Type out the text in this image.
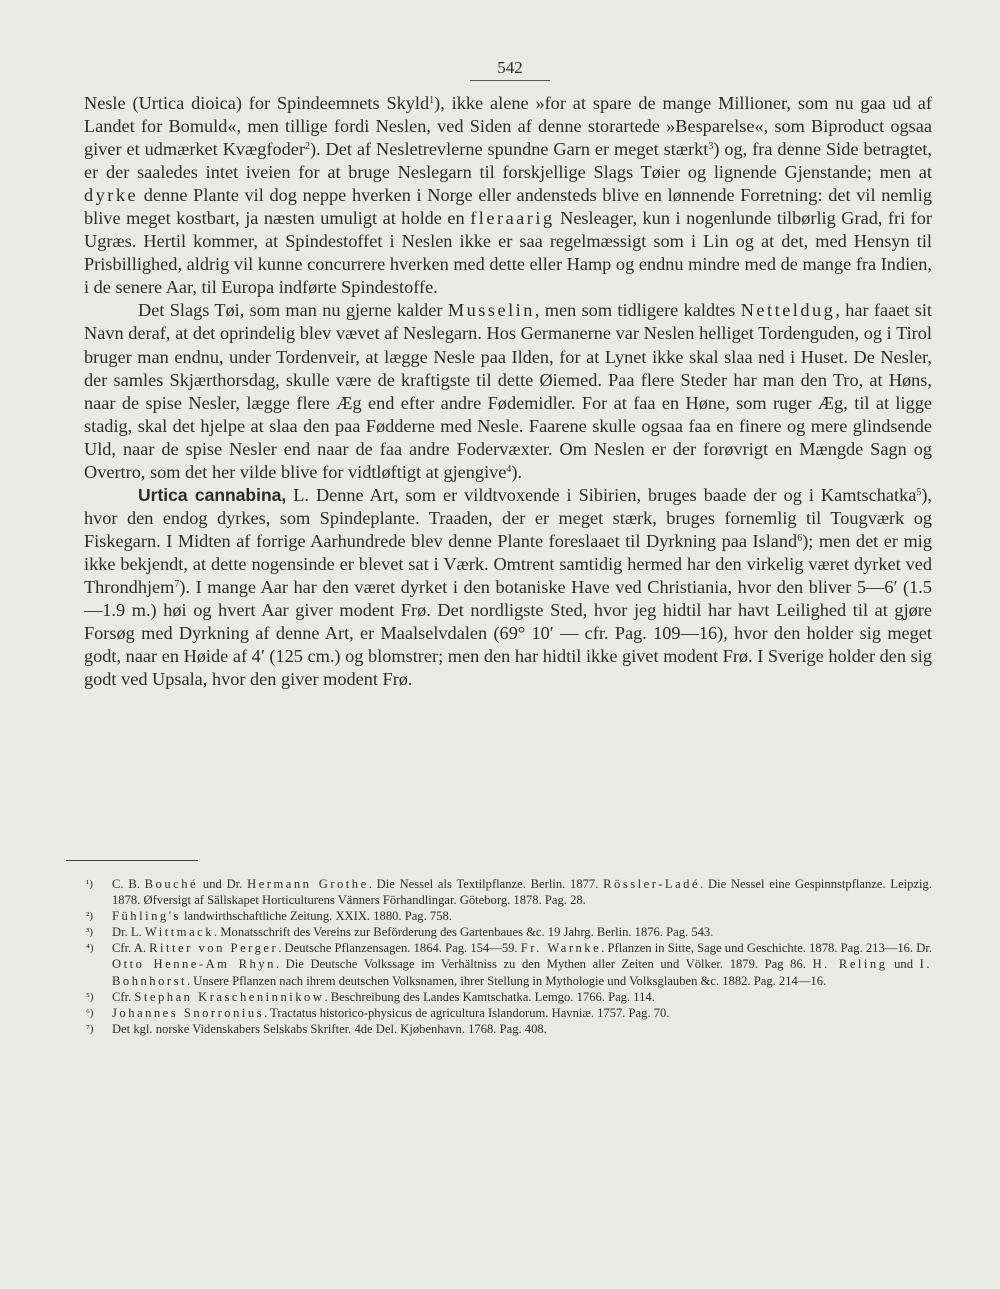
542

Nesle (Urtica dioica) for Spindeemnets Skyld$^1$), ikke alene »for at spare de mange Millioner, som nu gaa ud af Landet for Bomuld«, men tillige fordi Neslen, ved Siden af denne storartede »Besparelse«, som Biproduct ogsaa giver et udmærket Kvægfoder$^2$). Det af Nesletrevlerne spundne Garn er meget stærkt$^3$) og, fra denne Side betragtet, er der saaledes intet iveien for at bruge Neslegarn til forskjellige Slags Tøier og lignende Gjenstande; men at dyrke denne Plante vil dog neppe hverken i Norge eller andensteds blive en lønnende Forretning: det vil nemlig blive meget kostbart, ja næsten umuligt at holde en fleraarig Nesleager, kun i nogenlunde tilbørlig Grad, fri for Ugræs. Hertil kommer, at Spindestoffet i Neslen ikke er saa regelmæssigt som i Lin og at det, med Hensyn til Prisbillighed, aldrig vil kunne concurrere hverken med dette eller Hamp og endnu mindre med de mange fra Indien, i de senere Aar, til Europa indførte Spindestoffe.

Det Slags Tøi, som man nu gjerne kalder Musselin, men som tidligere kaldtes Netteldug, har faaet sit Navn deraf, at det oprindelig blev vævet af Neslegarn. Hos Germanerne var Neslen helliget Tordenguden, og i Tirol bruger man endnu, under Tordenveir, at lægge Nesle paa Ilden, for at Lynet ikke skal slaa ned i Huset. De Nesler, der samles Skjærthorsdag, skulle være de kraftigste til dette Øiemed. Paa flere Steder har man den Tro, at Høns, naar de spise Nesler, lægge flere Æg end efter andre Fødemidler. For at faa en Høne, som ruger Æg, til at ligge stadig, skal det hjelpe at slaa den paa Fødderne med Nesle. Faarene skulle ogsaa faa en finere og mere glindsende Uld, naar de spise Nesler end naar de faa andre Fodervæxter. Om Neslen er der forøvrigt en Mængde Sagn og Overtro, som det her vilde blive for vidtløftigt at gjengive$^4$).

Urtica cannabina, L. Denne Art, som er vildtvoxende i Sibirien, bruges baade der og i Kamtschatka$^5$), hvor den endog dyrkes, som Spindeplante. Traaden, der er meget stærk, bruges fornemlig til Tougværk og Fiskegarn. I Midten af forrige Aarhundrede blev denne Plante foreslaaet til Dyrkning paa Island$^6$); men det er mig ikke bekjendt, at dette nogensinde er blevet sat i Værk. Omtrent samtidig hermed har den virkelig været dyrket ved Throndhjem$^7$). I mange Aar har den været dyrket i den botaniske Have ved Christiania, hvor den bliver 5—6′ (1.5—1.9 m.) høi og hvert Aar giver modent Frø. Det nordligste Sted, hvor jeg hidtil har havt Leilighed til at gjøre Forsøg med Dyrkning af denne Art, er Maalselvdalen (69° 10′ — cfr. Pag. 109—16), hvor den holder sig meget godt, naar en Høide af 4′ (125 cm.) og blomstrer; men den har hidtil ikke givet modent Frø. I Sverige holder den sig godt ved Upsala, hvor den giver modent Frø.

¹)	C. B. Bouché und Dr. Hermann Grothe. Die Nessel als Textilpflanze. Berlin. 1877. Rössler-Ladé. Die Nessel eine Gespinnstpflanze. Leipzig. 1878. Øfversigt af Sällskapet Horticulturens Vänners Förhandlingar. Göteborg. 1878. Pag. 28.
²)	Fühling's landwirthschaftliche Zeitung. XXIX. 1880. Pag. 758.
³)	Dr. L. Wittmack. Monatsschrift des Vereins zur Beförderung des Gartenbaues &c. 19 Jahrg. Berlin. 1876. Pag. 543.
⁴)	Cfr. A. Ritter von Perger. Deutsche Pflanzensagen. 1864. Pag. 154—59. Fr. Warnke. Pflanzen in Sitte, Sage und Geschichte. 1878. Pag. 213—16. Dr. Otto Henne-Am Rhyn. Die Deutsche Volkssage im Verhältniss zu den Mythen aller Zeiten und Völker. 1879. Pag 86. H. Reling und I. Bohnhorst. Unsere Pflanzen nach ihrem deutschen Volksnamen, ihrer Stellung in Mythologie und Volksglauben &c. 1882. Pag. 214—16.
⁵)	Cfr. Stephan Krascheninnikow. Beschreibung des Landes Kamtschatka. Lemgo. 1766. Pag. 114.
⁶)	Johannes Snorronius. Tractatus historico-physicus de agricultura Islandorum. Havniæ. 1757. Pag. 70.
⁷)	Det kgl. norske Videnskabers Selskabs Skrifter. 4de Del. Kjøbenhavn. 1768. Pag. 408.
